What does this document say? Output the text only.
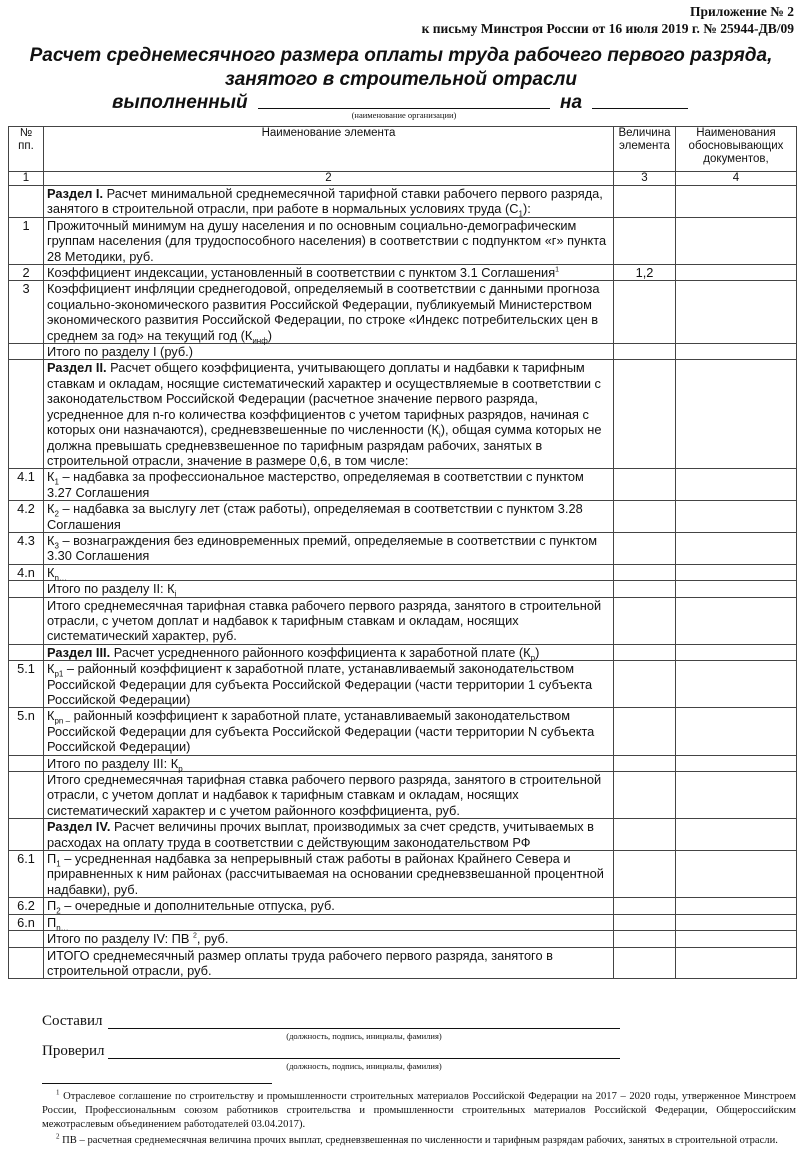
Приложение № 2
к письму Минстроя России от 16 июля 2019 г. № 25944-ДВ/09
Расчет среднемесячного размера оплаты труда рабочего первого разряда,
занятого в строительной отрасли
выполненный	на
(наименование организации)
№ пп.	Наименование элемента	Величина элемента	Наименования обосновывающих документов,
1	2	3	4
	Раздел I. Расчет минимальной среднемесячной тарифной ставки рабочего первого разряда, занятого в строительной отрасли, при работе в нормальных условиях труда $(С_1)$:		
1	Прожиточный минимум на душу населения и по основным социально-демографическим группам населения (для трудоспособного населения) в соответствии с подпунктом «г» пункта 28 Методики, руб.		
2	Коэффициент индексации, установленный в соответствии с пунктом 3.1 Соглашения$^1$	1,2	
3	Коэффициент инфляции среднегодовой, определяемый в соответствии с данными прогноза социально-экономического развития Российской Федерации, публикуемый Министерством экономического развития Российской Федерации, по строке «Индекс потребительских цен в среднем за год» на текущий год $(К_{инф})$		
	Итого по разделу I (руб.)		
	Раздел II. Расчет общего коэффициента, учитывающего доплаты и надбавки к тарифным ставкам и окладам, носящие систематический характер и осуществляемые в соответствии с законодательством Российской Федерации (расчетное значение первого разряда, усредненное для n-го количества коэффициентов с учетом тарифных разрядов, начиная с которых они назначаются), средневзвешенные по численности $(К_i)$, общая сумма которых не должна превышать средневзвешенное по тарифным разрядам рабочих, занятых в строительной отрасли, значение в размере 0,6, в том числе:		
4.1	$К_1$ – надбавка за профессиональное мастерство, определяемая в соответствии с пунктом 3.27 Соглашения		
4.2	$К_2$ – надбавка за выслугу лет (стаж работы), определяемая в соответствии с пунктом 3.28 Соглашения		
4.3	$К_3$ – вознаграждения без единовременных премий, определяемые в соответствии с пунктом 3.30 Соглашения		
4.n	$К_{n\dots}$		
	Итого по разделу II: $К_i$		
	Итого среднемесячная тарифная ставка рабочего первого разряда, занятого в строительной отрасли, с учетом доплат и надбавок к тарифным ставкам и окладам, носящих систематический характер, руб.		
	Раздел III. Расчет усредненного районного коэффициента к заработной плате $(К_р)$		
5.1	$К_{р1}$ – районный коэффициент к заработной плате, устанавливаемый законодательством Российской Федерации для субъекта Российской Федерации (части территории 1 субъекта Российской Федерации)		
5.n	$К_{рn -}$ районный коэффициент к заработной плате, устанавливаемый законодательством Российской Федерации для субъекта Российской Федерации (части территории N субъекта Российской Федерации)		
	Итого по разделу III: $К_р$		
	Итого среднемесячная тарифная ставка рабочего первого разряда, занятого в строительной отрасли, с учетом доплат и надбавок к тарифным ставкам и окладам, носящих систематический характер и с учетом районного коэффициента, руб.		
	Раздел IV. Расчет величины прочих выплат, производимых за счет средств, учитываемых в расходах на оплату труда в соответствии с действующим законодательством РФ		
6.1	$П_1$ – усредненная надбавка за непрерывный стаж работы в районах Крайнего Севера и приравненных к ним районах (рассчитываемая на основании средневзвешанной процентной надбавки), руб.		
6.2	$П_2$ – очередные и дополнительные отпуска, руб.		
6.n	$П_{n\dots}$		
	Итого по разделу IV: ПВ $^2$, руб.		
	ИТОГО среднемесячный размер оплаты труда рабочего первого разряда, занятого в строительной отрасли, руб.		
Составил
(должность, подпись, инициалы, фамилия)
Проверил
(должность, подпись, инициалы, фамилия)
$^1$ Отраслевое соглашение по строительству и промышленности строительных материалов Российской Федерации на 2017 – 2020 годы, утверженное Минстроем России, Профессиональным союзом работников строительства и промышленности строительных материалов Российской Федерации, Общероссийским межотраслевым объединением работодателей 03.04.2017).
$^2$ ПВ – расчетная среднемесячная величина прочих выплат, средневзвешенная по численности и тарифным разрядам рабочих, занятых в строительной отрасли.
